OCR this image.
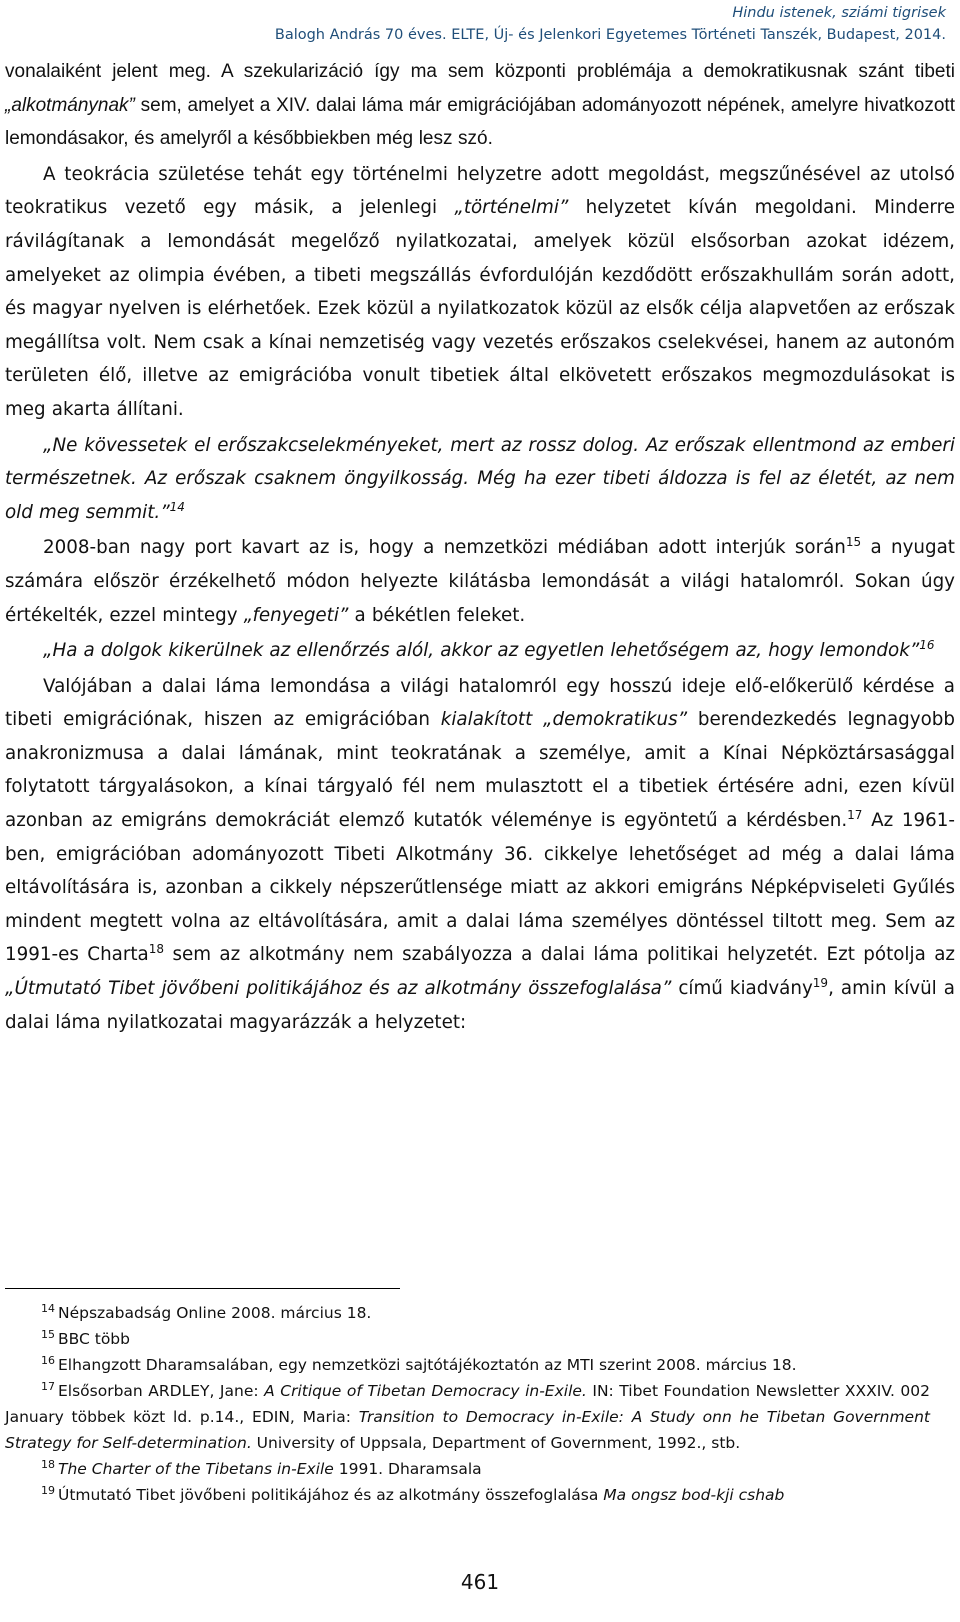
Hindu istenek, sziámi tigrisek
Balogh András 70 éves. ELTE, Új- és Jelenkori Egyetemes Történeti Tanszék, Budapest, 2014.

vonalaiként jelent meg. A szekularizáció így ma sem központi problémája a demokratikusnak szánt tibeti „alkotmánynak” sem, amelyet a XIV. dalai láma már emigrációjában adományozott népének, amelyre hivatkozott lemondásakor, és amelyről a későbbiekben még lesz szó.

A teokrácia születése tehát egy történelmi helyzetre adott megoldást, megszűnésével az utolsó teokratikus vezető egy másik, a jelenlegi „történelmi” helyzetet kíván megoldani. Minderre rávilágítanak a lemondását megelőző nyilatkozatai, amelyek közül elsősorban azokat idézem, amelyeket az olimpia évében, a tibeti megszállás évfordulóján kezdődött erőszakhullám során adott, és magyar nyelven is elérhetőek. Ezek közül a nyilatkozatok közül az elsők célja alapvetően az erőszak megállítsa volt. Nem csak a kínai nemzetiség vagy vezetés erőszakos cselekvései, hanem az autonóm területen élő, illetve az emigrációba vonult tibetiek által elkövetett erőszakos megmozdulásokat is meg akarta állítani.

„Ne kövessetek el erőszakcselekményeket, mert az rossz dolog. Az erőszak ellentmond az emberi természetnek. Az erőszak csaknem öngyilkosság. Még ha ezer tibeti áldozza is fel az életét, az nem old meg semmit.”$^{14}$

2008-ban nagy port kavart az is, hogy a nemzetközi médiában adott interjúk során$^{15}$ a nyugat számára először érzékelhető módon helyezte kilátásba lemondását a világi hatalomról. Sokan úgy értékelték, ezzel mintegy „fenyegeti” a békétlen feleket.

„Ha a dolgok kikerülnek az ellenőrzés alól, akkor az egyetlen lehetőségem az, hogy lemondok”$^{16}$

Valójában a dalai láma lemondása a világi hatalomról egy hosszú ideje elő-előkerülő kérdése a tibeti emigrációnak, hiszen az emigrációban kialakított „demokratikus” berendezkedés legnagyobb anakronizmusa a dalai lámának, mint teokratának a személye, amit a Kínai Népköztársasággal folytatott tárgyalásokon, a kínai tárgyaló fél nem mulasztott el a tibetiek értésére adni, ezen kívül azonban az emigráns demokráciát elemző kutatók véleménye is egyöntetű a kérdésben.$^{17}$ Az 1961-ben, emigrációban adományozott Tibeti Alkotmány 36. cikkelye lehetőséget ad még a dalai láma eltávolítására is, azonban a cikkely népszerűtlensége miatt az akkori emigráns Népképviseleti Gyűlés mindent megtett volna az eltávolítására, amit a dalai láma személyes döntéssel tiltott meg. Sem az 1991-es Charta$^{18}$ sem az alkotmány nem szabályozza a dalai láma politikai helyzetét. Ezt pótolja az „Útmutató Tibet jövőbeni politikájához és az alkotmány összefoglalása” című kiadvány$^{19}$, amin kívül a dalai láma nyilatkozatai magyarázzák a helyzetet:

$^{14}$ Népszabadság Online 2008. március 18.

$^{15}$ BBC több

$^{16}$ Elhangzott Dharamsalában, egy nemzetközi sajtótájékoztatón az MTI szerint 2008. március 18.

$^{17}$ Elsősorban ARDLEY, Jane: A Critique of Tibetan Democracy in-Exile. IN: Tibet Foundation Newsletter XXXIV. 002 January többek közt ld. p.14., EDIN, Maria: Transition to Democracy in-Exile: A Study onn he Tibetan Government Strategy for Self-determination. University of Uppsala, Department of Government, 1992., stb.

$^{18}$ The Charter of the Tibetans in-Exile 1991. Dharamsala

$^{19}$ Útmutató Tibet jövőbeni politikájához és az alkotmány összefoglalása Ma ongsz bod-kji cshab

461
